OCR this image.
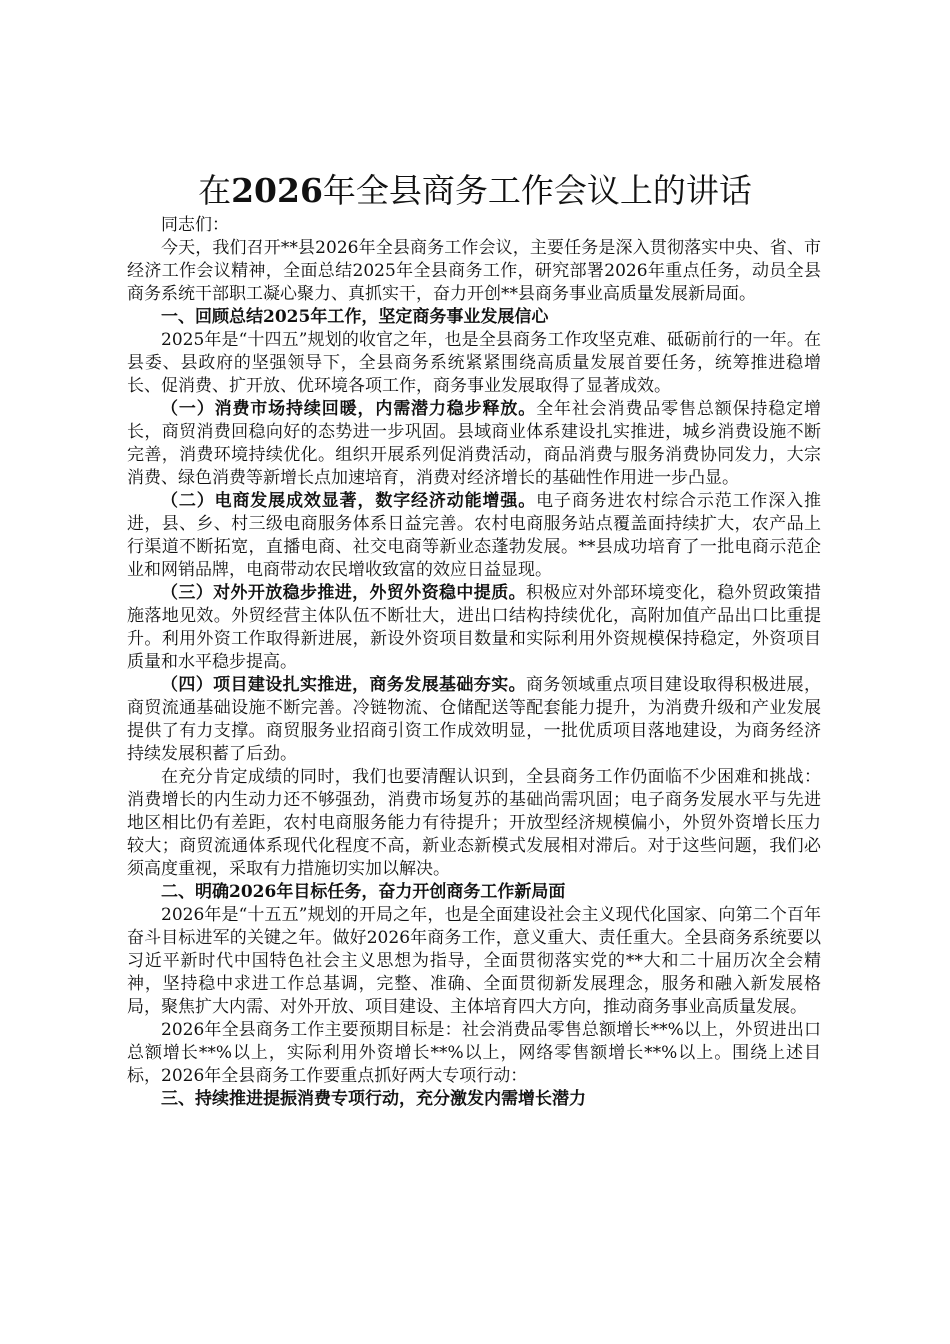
在2026年全县商务工作会议上的讲话

同志们：

今天，我们召开**县2026年全县商务工作会议，主要任务是深入贯彻落实中央、省、市经济工作会议精神，全面总结2025年全县商务工作，研究部署2026年重点任务，动员全县商务系统干部职工凝心聚力、真抓实干，奋力开创**县商务事业高质量发展新局面。

一、回顾总结2025年工作，坚定商务事业发展信心

2025年是“十四五”规划的收官之年，也是全县商务工作攻坚克难、砥砺前行的一年。在县委、县政府的坚强领导下，全县商务系统紧紧围绕高质量发展首要任务，统筹推进稳增长、促消费、扩开放、优环境各项工作，商务事业发展取得了显著成效。

（一）消费市场持续回暖，内需潜力稳步释放。全年社会消费品零售总额保持稳定增长，商贸消费回稳向好的态势进一步巩固。县域商业体系建设扎实推进，城乡消费设施不断完善，消费环境持续优化。组织开展系列促消费活动，商品消费与服务消费协同发力，大宗消费、绿色消费等新增长点加速培育，消费对经济增长的基础性作用进一步凸显。

（二）电商发展成效显著，数字经济动能增强。电子商务进农村综合示范工作深入推进，县、乡、村三级电商服务体系日益完善。农村电商服务站点覆盖面持续扩大，农产品上行渠道不断拓宽，直播电商、社交电商等新业态蓬勃发展。**县成功培育了一批电商示范企业和网销品牌，电商带动农民增收致富的效应日益显现。

（三）对外开放稳步推进，外贸外资稳中提质。积极应对外部环境变化，稳外贸政策措施落地见效。外贸经营主体队伍不断壮大，进出口结构持续优化，高附加值产品出口比重提升。利用外资工作取得新进展，新设外资项目数量和实际利用外资规模保持稳定，外资项目质量和水平稳步提高。

（四）项目建设扎实推进，商务发展基础夯实。商务领域重点项目建设取得积极进展，商贸流通基础设施不断完善。冷链物流、仓储配送等配套能力提升，为消费升级和产业发展提供了有力支撑。商贸服务业招商引资工作成效明显，一批优质项目落地建设，为商务经济持续发展积蓄了后劲。

在充分肯定成绩的同时，我们也要清醒认识到，全县商务工作仍面临不少困难和挑战：消费增长的内生动力还不够强劲，消费市场复苏的基础尚需巩固；电子商务发展水平与先进地区相比仍有差距，农村电商服务能力有待提升；开放型经济规模偏小，外贸外资增长压力较大；商贸流通体系现代化程度不高，新业态新模式发展相对滞后。对于这些问题，我们必须高度重视，采取有力措施切实加以解决。

二、明确2026年目标任务，奋力开创商务工作新局面

2026年是“十五五”规划的开局之年，也是全面建设社会主义现代化国家、向第二个百年奋斗目标进军的关键之年。做好2026年商务工作，意义重大、责任重大。全县商务系统要以习近平新时代中国特色社会主义思想为指导，全面贯彻落实党的**大和二十届历次全会精神，坚持稳中求进工作总基调，完整、准确、全面贯彻新发展理念，服务和融入新发展格局，聚焦扩大内需、对外开放、项目建设、主体培育四大方向，推动商务事业高质量发展。

2026年全县商务工作主要预期目标是：社会消费品零售总额增长**%以上，外贸进出口总额增长**%以上，实际利用外资增长**%以上，网络零售额增长**%以上。围绕上述目标，2026年全县商务工作要重点抓好两大专项行动：

三、持续推进提振消费专项行动，充分激发内需增长潜力
